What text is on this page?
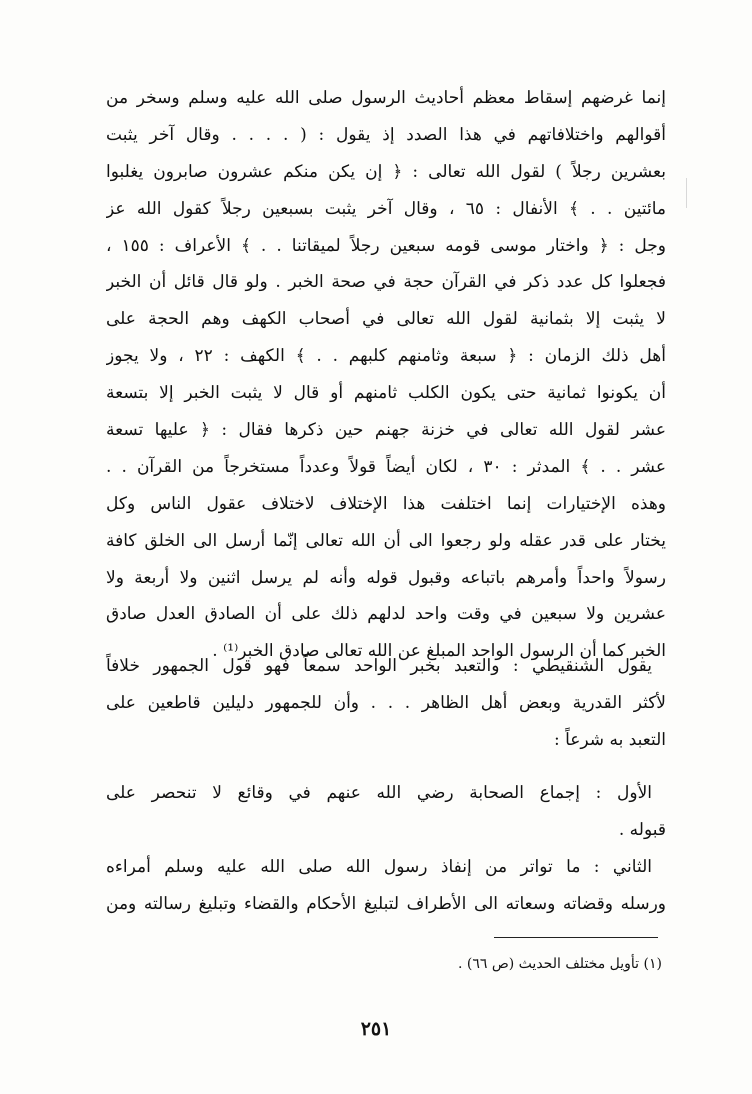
إنما غرضهم إسقاط معظم أحاديث الرسول صلى الله عليه وسلم وسخر من
أقوالهم واختلافاتهم في هذا الصدد إذ يقول : ( . . . . وقال آخر يثبت
بعشرين رجلاً ) لقول الله تعالى : ﴿ إن يكن منكم عشرون صابرون يغلبوا
مائتين . . ﴾ الأنفال : ٦٥ ، وقال آخر يثبت بسبعين رجلاً كقول الله عز
وجل : ﴿ واختار موسى قومه سبعين رجلاً لميقاتنا . . ﴾ الأعراف : ١٥٥ ،
فجعلوا كل عدد ذكر في القرآن حجة في صحة الخبر . ولو قال قائل أن الخبر
لا يثبت إلا بثمانية لقول الله تعالى في أصحاب الكهف وهم الحجة على
أهل ذلك الزمان : ﴿ سبعة وثامنهم كلبهم . . ﴾ الكهف : ٢٢ ، ولا يجوز
أن يكونوا ثمانية حتى يكون الكلب ثامنهم أو قال لا يثبت الخبر إلا بتسعة
عشر لقول الله تعالى في خزنة جهنم حين ذكرها فقال : ﴿ عليها تسعة
عشر . . ﴾ المدثر : ٣٠ ، لكان أيضاً قولاً وعدداً مستخرجاً من القرآن . .
وهذه الإختيارات إنما اختلفت هذا الإختلاف لاختلاف عقول الناس وكل
يختار على قدر عقله ولو رجعوا الى أن الله تعالى إنّما أرسل الى الخلق كافة
رسولاً واحداً وأمرهم باتباعه وقبول قوله وأنه لم يرسل اثنين ولا أربعة ولا
عشرين ولا سبعين في وقت واحد لدلهم ذلك على أن الصادق العدل صادق
الخبر كما أن الرسول الواحد المبلغ عن الله تعالى صادق الخبر⁽¹⁾ .
يقول الشنقيطي : والتعبد بخبر الواحد سمعاً فهو قول الجمهور خلافاً
لأكثر القدرية وبعض أهل الظاهر . . . وأن للجمهور دليلين قاطعين على
التعبد به شرعاً :
الأول : إجماع الصحابة رضي الله عنهم في وقائع لا تنحصر على
قبوله .
الثاني : ما تواتر من إنفاذ رسول الله صلى الله عليه وسلم أمراءه
ورسله وقضاته وسعاته الى الأطراف لتبليغ الأحكام والقضاء وتبليغ رسالته ومن
(١) تأويل مختلف الحديث (ص ٦٦) .
٢٥١
